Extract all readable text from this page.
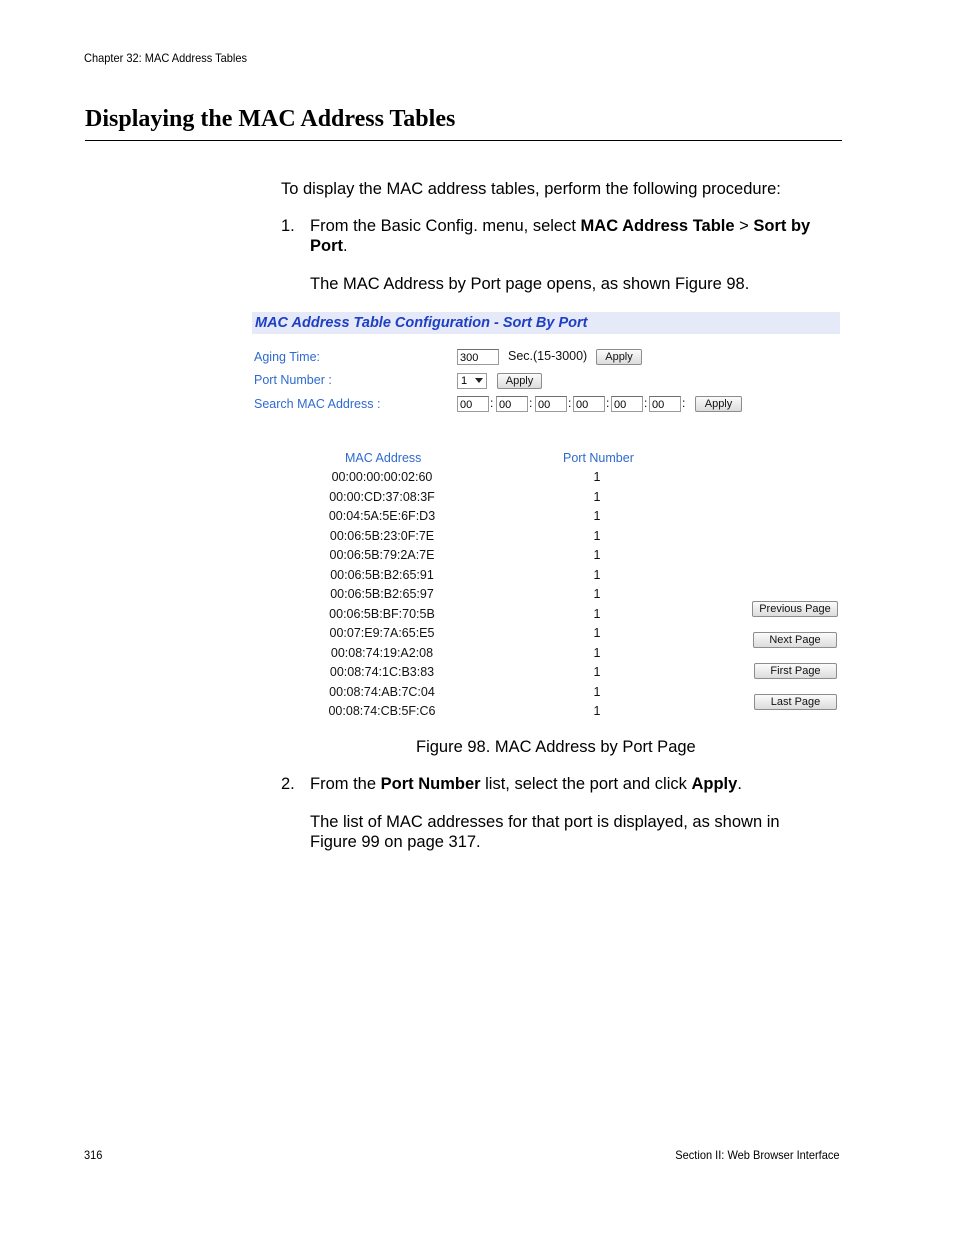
Chapter 32: MAC Address Tables
Displaying the MAC Address Tables
To display the MAC address tables, perform the following procedure:
1. From the Basic Config. menu, select MAC Address Table > Sort by Port.
The MAC Address by Port page opens, as shown Figure 98.
MAC Address Table Configuration - Sort By Port
Aging Time:	300	Sec.(15-3000)	Apply
Port Number :	1	Apply
Search MAC Address :	00	: 00	: 00	: 00	: 00	: 00	:	Apply
MAC Address	Port Number
00:00:00:00:02:60	1
00:00:CD:37:08:3F	1
00:04:5A:5E:6F:D3	1
00:06:5B:23:0F:7E	1
00:06:5B:79:2A:7E	1
00:06:5B:B2:65:91	1
00:06:5B:B2:65:97	1
00:06:5B:BF:70:5B	1
00:07:E9:7A:65:E5	1
00:08:74:19:A2:08	1
00:08:74:1C:B3:83	1
00:08:74:AB:7C:04	1
00:08:74:CB:5F:C6	1
Previous Page
Next Page
First Page
Last Page
Figure 98. MAC Address by Port Page
2. From the Port Number list, select the port and click Apply.
The list of MAC addresses for that port is displayed, as shown in Figure 99 on page 317.
316	Section II: Web Browser Interface
